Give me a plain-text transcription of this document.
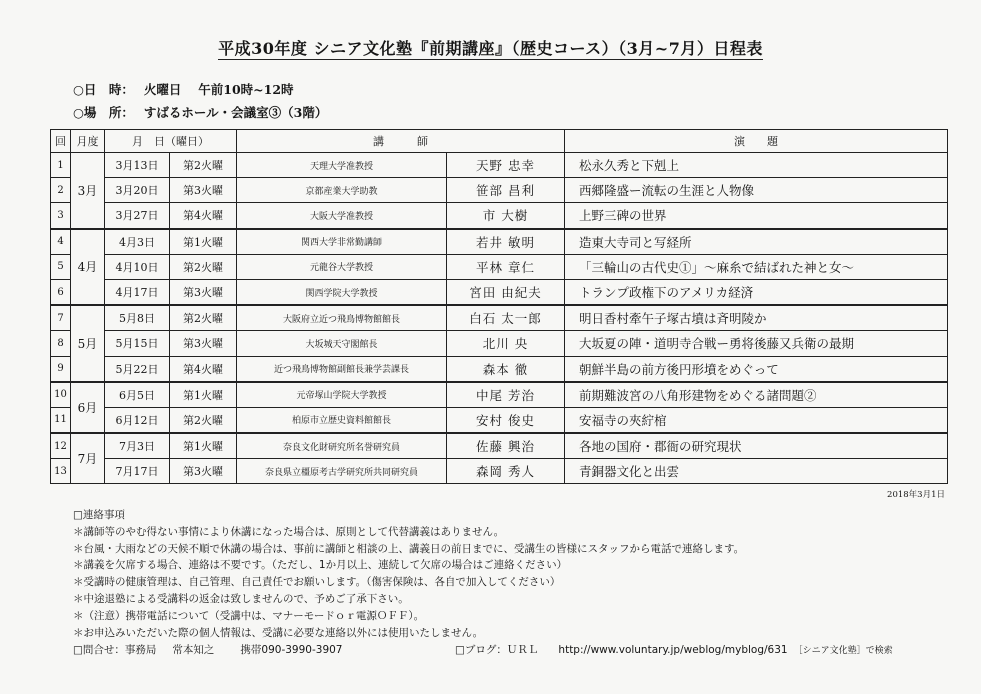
平成30年度 シニア文化塾『前期講座』（歴史コース）（3月~7月）日程表
○日　時： 火曜日　 午前10時~12時
○場　所： すばるホール・会議室③（3階）
回	月度	月　日（曜日）		講　　　師		演　　題
1	3月	3月13日	第2火曜	天理大学准教授	天野 忠幸	松永久秀と下剋上
2		3月20日	第3火曜	京都産業大学助教	笹部 昌利	西郷隆盛ー流転の生涯と人物像
3		3月27日	第4火曜	大阪大学准教授	市 大樹	上野三碑の世界
4	4月	4月3日	第1火曜	関西大学非常勤講師	若井 敏明	造東大寺司と写経所
5		4月10日	第2火曜	元龍谷大学教授	平林 章仁	「三輪山の古代史①」～麻糸で結ばれた神と女～
6		4月17日	第3火曜	関西学院大学教授	宮田 由紀夫	トランプ政権下のアメリカ経済
7	5月	5月8日	第2火曜	大阪府立近つ飛鳥博物館館長	白石 太一郎	明日香村牽午子塚古墳は斉明陵か
8		5月15日	第3火曜	大坂城天守閣館長	北川 央	大坂夏の陣・道明寺合戦ー勇将後藤又兵衛の最期
9		5月22日	第4火曜	近つ飛鳥博物館副館長兼学芸課長	森本 徹	朝鮮半島の前方後円形墳をめぐって
10	6月	6月5日	第1火曜	元帝塚山学院大学教授	中尾 芳治	前期難波宮の八角形建物をめぐる諸問題②
11		6月12日	第2火曜	柏原市立歴史資料館館長	安村 俊史	安福寺の夾紵棺
12	7月	7月3日	第1火曜	奈良文化財研究所名誉研究員	佐藤 興治	各地の国府・郡衙の研究現状
13		7月17日	第3火曜	奈良県立橿原考古学研究所共同研究員	森岡 秀人	青銅器文化と出雲
2018年3月1日
□連絡事項
＊講師等のやむ得ない事情により休講になった場合は、原則として代替講義はありません。
＊台風・大雨などの天候不順で休講の場合は、事前に講師と相談の上、講義日の前日までに、受講生の皆様にスタッフから電話で連絡します。
＊講義を欠席する場合、連絡は不要です。（ただし、1か月以上、連続して欠席の場合はご連絡ください）
＊受講時の健康管理は、自己管理、自己責任でお願いします。（傷害保険は、各自で加入してください）
＊中途退塾による受講料の返金は致しませんので、予めご了承下さい。
＊（注意）携帯電話について（受講中は、マナーモードｏｒ電源ＯＦＦ）。
＊お申込みいただいた際の個人情報は、受講に必要な連絡以外には使用いたしません。
□問合せ：事務局 常本知之 携帯090-3990-3907	□ブログ：ＵＲＬ http://www.voluntary.jp/weblog/myblog/631 ［シニア文化塾］で検索
